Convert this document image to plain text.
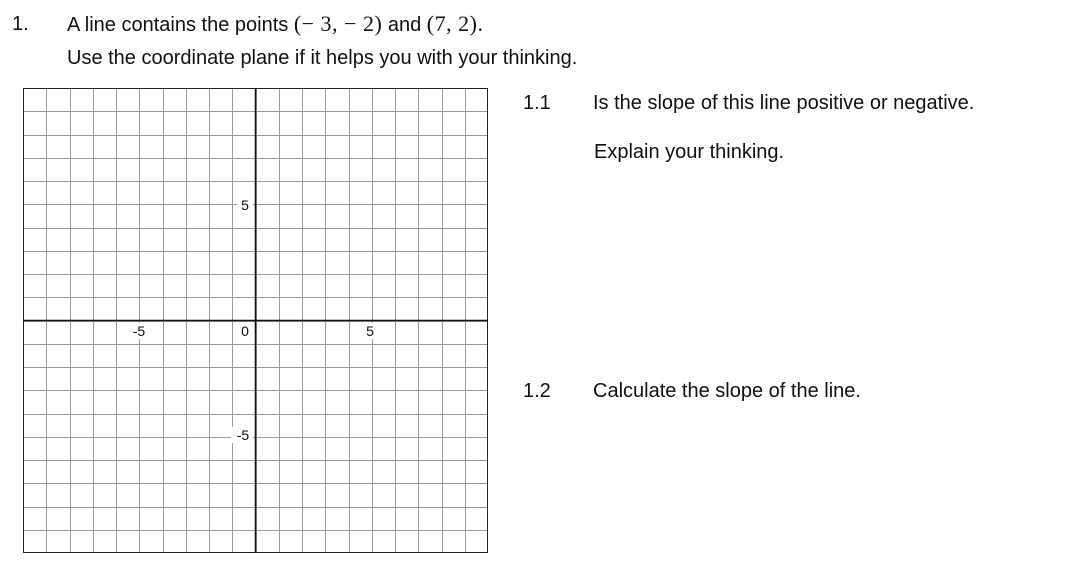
1. A line contains the points (− 3, − 2) and (7, 2).
Use the coordinate plane if it helps you with your thinking.
-5	0	5
5
-5
1.1 Is the slope of this line positive or negative.
Explain your thinking.
1.2 Calculate the slope of the line.
